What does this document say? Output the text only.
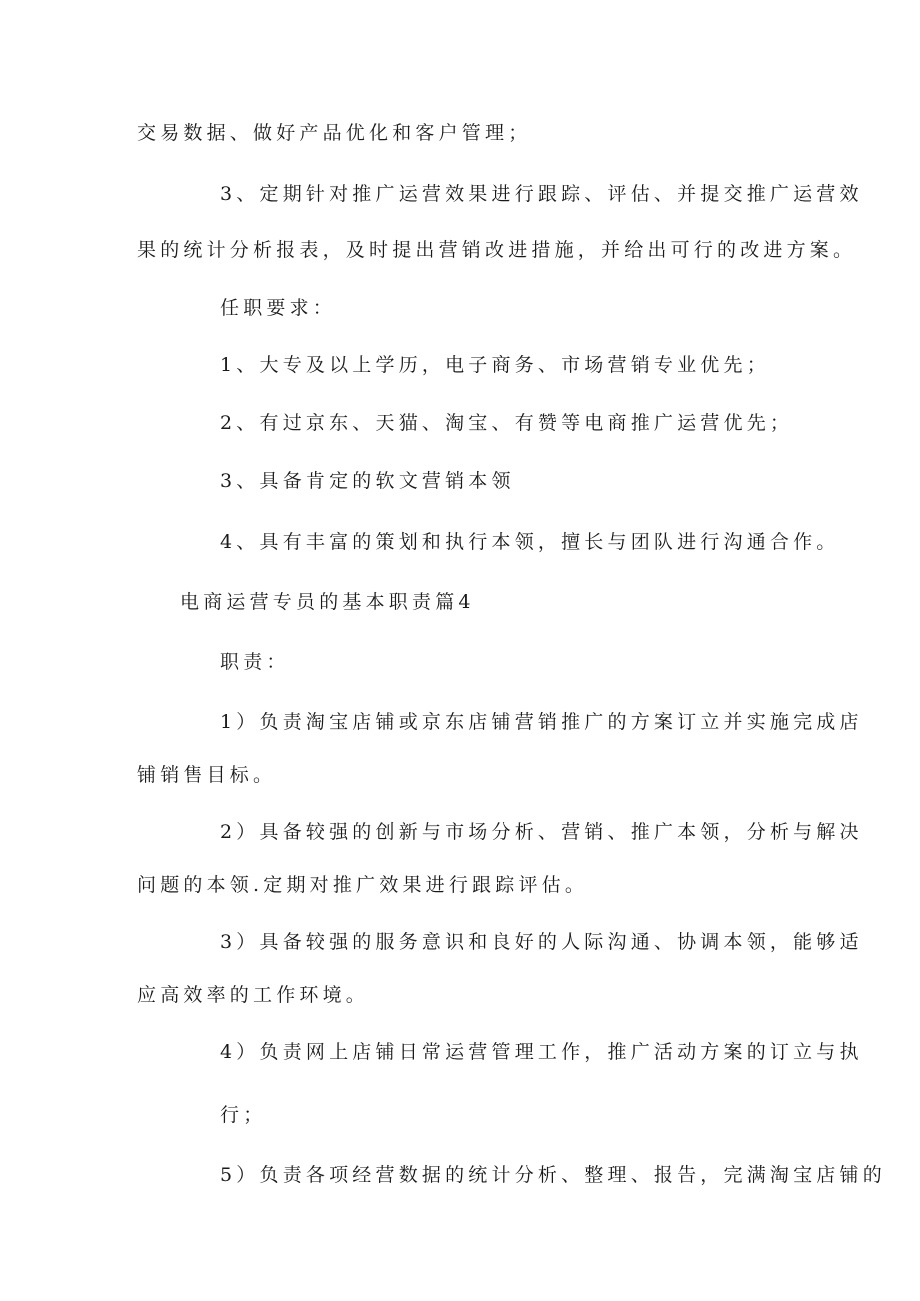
交易数据、做好产品优化和客户管理；
3、定期针对推广运营效果进行跟踪、评估、并提交推广运营效
果的统计分析报表，及时提出营销改进措施，并给出可行的改进方案。
任职要求：
1、大专及以上学历，电子商务、市场营销专业优先；
2、有过京东、天猫、淘宝、有赞等电商推广运营优先；
3、具备肯定的软文营销本领
4、具有丰富的策划和执行本领，擅长与团队进行沟通合作。
电商运营专员的基本职责篇4
职责：
1）负责淘宝店铺或京东店铺营销推广的方案订立并实施完成店
铺销售目标。
2）具备较强的创新与市场分析、营销、推广本领，分析与解决
问题的本领.定期对推广效果进行跟踪评估。
3）具备较强的服务意识和良好的人际沟通、协调本领，能够适
应高效率的工作环境。
4）负责网上店铺日常运营管理工作，推广活动方案的订立与执
行；
5）负责各项经营数据的统计分析、整理、报告，完满淘宝店铺的
